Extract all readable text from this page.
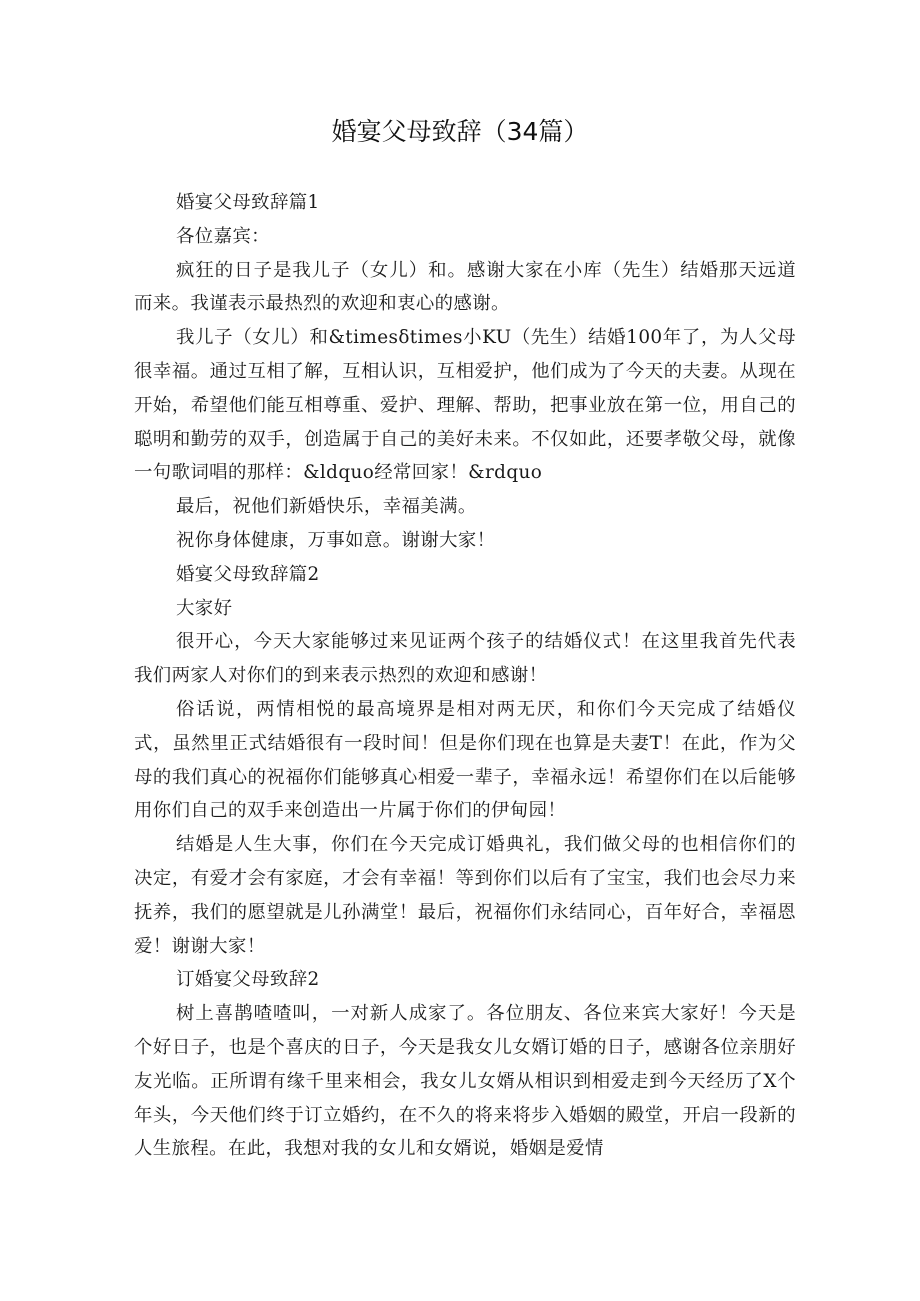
婚宴父母致辞（34篇）

婚宴父母致辞篇1

各位嘉宾：

疯狂的日子是我儿子（女儿）和。感谢大家在小库（先生）结婚那天远道而来。我谨表示最热烈的欢迎和衷心的感谢。

我儿子（女儿）和&timesδtimes小KU（先生）结婚100年了，为人父母很幸福。通过互相了解，互相认识，互相爱护，他们成为了今天的夫妻。从现在开始，希望他们能互相尊重、爱护、理解、帮助，把事业放在第一位，用自己的聪明和勤劳的双手，创造属于自己的美好未来。不仅如此，还要孝敬父母，就像一句歌词唱的那样：&ldquo经常回家！&rdquo

最后，祝他们新婚快乐，幸福美满。

祝你身体健康，万事如意。谢谢大家！

婚宴父母致辞篇2

大家好

很开心，今天大家能够过来见证两个孩子的结婚仪式！在这里我首先代表我们两家人对你们的到来表示热烈的欢迎和感谢！

俗话说，两情相悦的最高境界是相对两无厌，和你们今天完成了结婚仪式，虽然里正式结婚很有一段时间！但是你们现在也算是夫妻T！在此，作为父母的我们真心的祝福你们能够真心相爱一辈子，幸福永远！希望你们在以后能够用你们自己的双手来创造出一片属于你们的伊甸园！

结婚是人生大事，你们在今天完成订婚典礼，我们做父母的也相信你们的决定，有爱才会有家庭，才会有幸福！等到你们以后有了宝宝，我们也会尽力来抚养，我们的愿望就是儿孙满堂！最后，祝福你们永结同心，百年好合，幸福恩爱！谢谢大家！

订婚宴父母致辞2

树上喜鹊喳喳叫，一对新人成家了。各位朋友、各位来宾大家好！今天是个好日子，也是个喜庆的日子，今天是我女儿女婿订婚的日子，感谢各位亲朋好友光临。正所谓有缘千里来相会，我女儿女婿从相识到相爱走到今天经历了X个年头，今天他们终于订立婚约，在不久的将来将步入婚姻的殿堂，开启一段新的人生旅程。在此，我想对我的女儿和女婿说，婚姻是爱情
